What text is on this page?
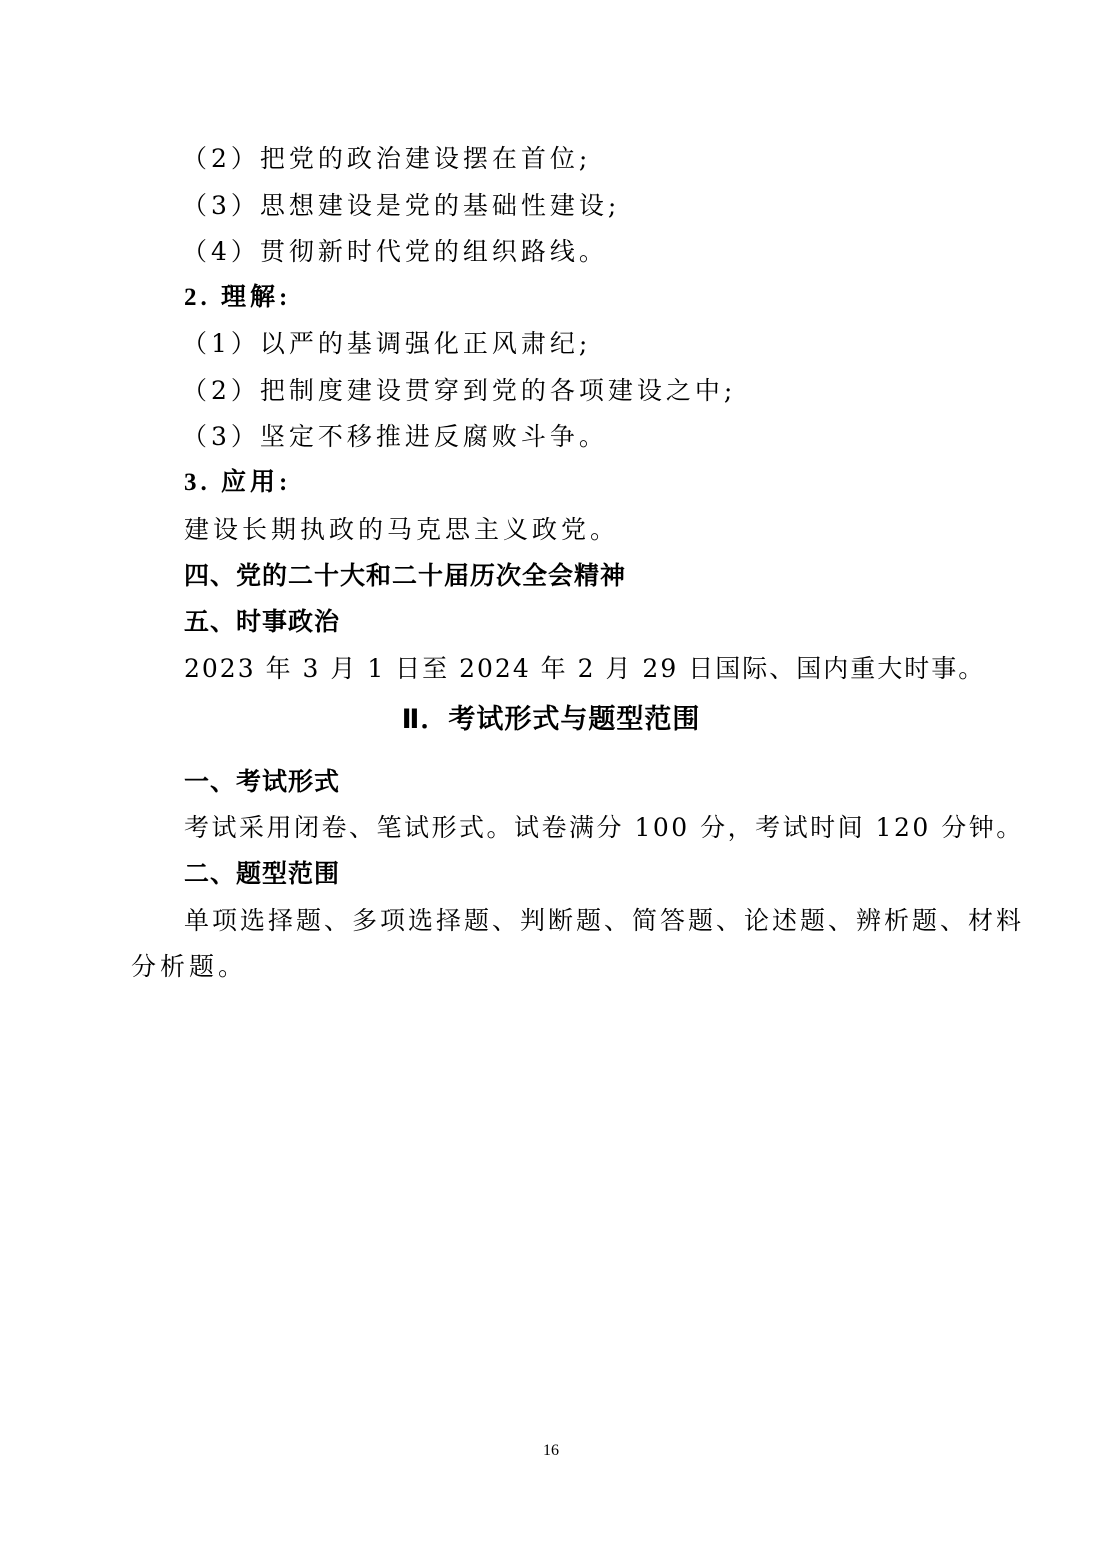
（2）把党的政治建设摆在首位;
（3）思想建设是党的基础性建设;
（4）贯彻新时代党的组织路线。
2. 理解:
（1）以严的基调强化正风肃纪;
（2）把制度建设贯穿到党的各项建设之中;
（3）坚定不移推进反腐败斗争。
3. 应用:
建设长期执政的马克思主义政党。
四、党的二十大和二十届历次全会精神
五、时事政治
2023 年 3 月 1 日至 2024 年 2 月 29 日国际、国内重大时事。
Ⅱ．考试形式与题型范围
一、考试形式
考试采用闭卷、笔试形式。试卷满分 100 分，考试时间 120 分钟。
二、题型范围
单项选择题、多项选择题、判断题、简答题、论述题、辨析题、材料
分析题。
16
